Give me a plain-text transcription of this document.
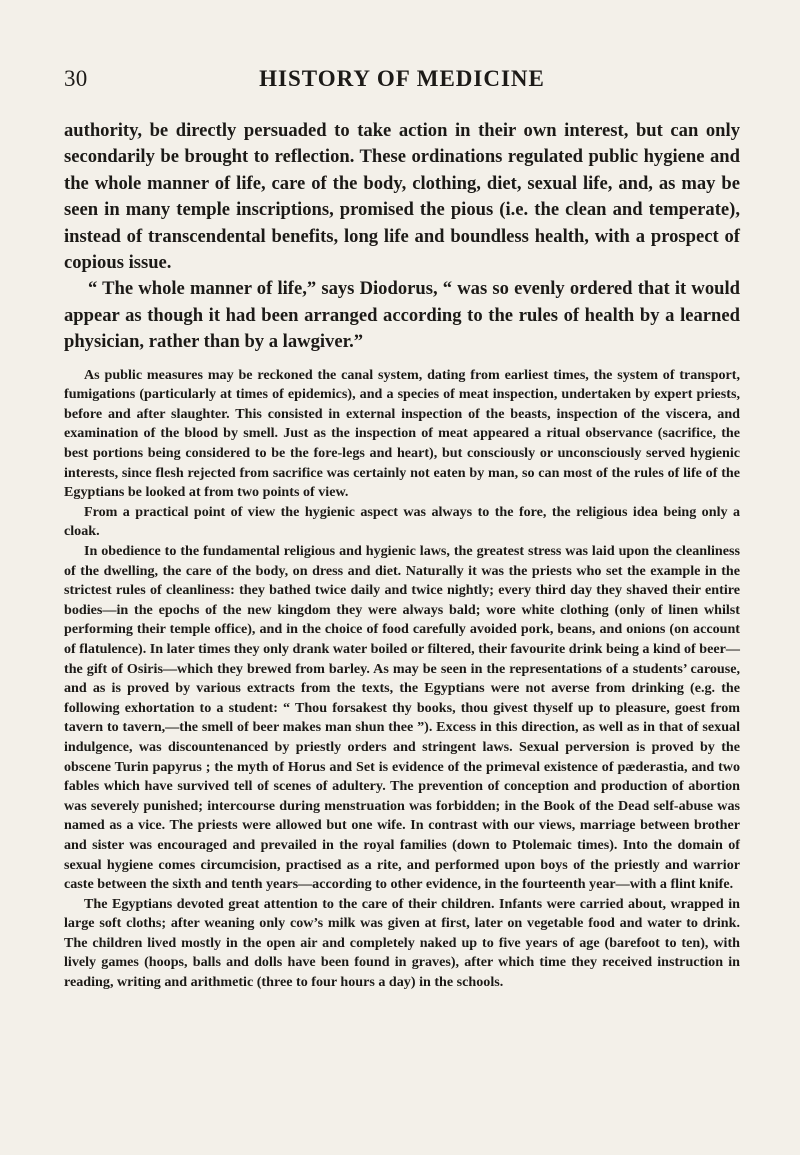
30	HISTORY OF MEDICINE

authority, be directly persuaded to take action in their own interest, but can only secondarily be brought to reflection. These ordinations regulated public hygiene and the whole manner of life, care of the body, clothing, diet, sexual life, and, as may be seen in many temple inscriptions, promised the pious (i.e. the clean and temperate), instead of transcendental benefits, long life and boundless health, with a prospect of copious issue.

“ The whole manner of life,” says Diodorus, “ was so evenly ordered that it would appear as though it had been arranged according to the rules of health by a learned physician, rather than by a lawgiver.”

As public measures may be reckoned the canal system, dating from earliest times, the system of transport, fumigations (particularly at times of epidemics), and a species of meat inspection, undertaken by expert priests, before and after slaughter. This consisted in external inspection of the beasts, inspection of the viscera, and examination of the blood by smell. Just as the inspection of meat appeared a ritual observance (sacrifice, the best portions being considered to be the fore-legs and heart), but consciously or unconsciously served hygienic interests, since flesh rejected from sacrifice was certainly not eaten by man, so can most of the rules of life of the Egyptians be looked at from two points of view.

From a practical point of view the hygienic aspect was always to the fore, the religious idea being only a cloak.

In obedience to the fundamental religious and hygienic laws, the greatest stress was laid upon the cleanliness of the dwelling, the care of the body, on dress and diet. Naturally it was the priests who set the example in the strictest rules of cleanliness: they bathed twice daily and twice nightly; every third day they shaved their entire bodies—in the epochs of the new kingdom they were always bald; wore white clothing (only of linen whilst performing their temple office), and in the choice of food carefully avoided pork, beans, and onions (on account of flatulence). In later times they only drank water boiled or filtered, their favourite drink being a kind of beer—the gift of Osiris—which they brewed from barley. As may be seen in the representations of a students’ carouse, and as is proved by various extracts from the texts, the Egyptians were not averse from drinking (e.g. the following exhortation to a student: “ Thou forsakest thy books, thou givest thyself up to pleasure, goest from tavern to tavern,—the smell of beer makes man shun thee ”). Excess in this direction, as well as in that of sexual indulgence, was discountenanced by priestly orders and stringent laws. Sexual perversion is proved by the obscene Turin papyrus ; the myth of Horus and Set is evidence of the primeval existence of pæderastia, and two fables which have survived tell of scenes of adultery. The prevention of conception and production of abortion was severely punished; intercourse during menstruation was forbidden; in the Book of the Dead self-abuse was named as a vice. The priests were allowed but one wife. In contrast with our views, marriage between brother and sister was encouraged and prevailed in the royal families (down to Ptolemaic times). Into the domain of sexual hygiene comes circumcision, practised as a rite, and performed upon boys of the priestly and warrior caste between the sixth and tenth years—according to other evidence, in the fourteenth year—with a flint knife.

The Egyptians devoted great attention to the care of their children. Infants were carried about, wrapped in large soft cloths; after weaning only cow’s milk was given at first, later on vegetable food and water to drink. The children lived mostly in the open air and completely naked up to five years of age (barefoot to ten), with lively games (hoops, balls and dolls have been found in graves), after which time they received instruction in reading, writing and arithmetic (three to four hours a day) in the schools.
